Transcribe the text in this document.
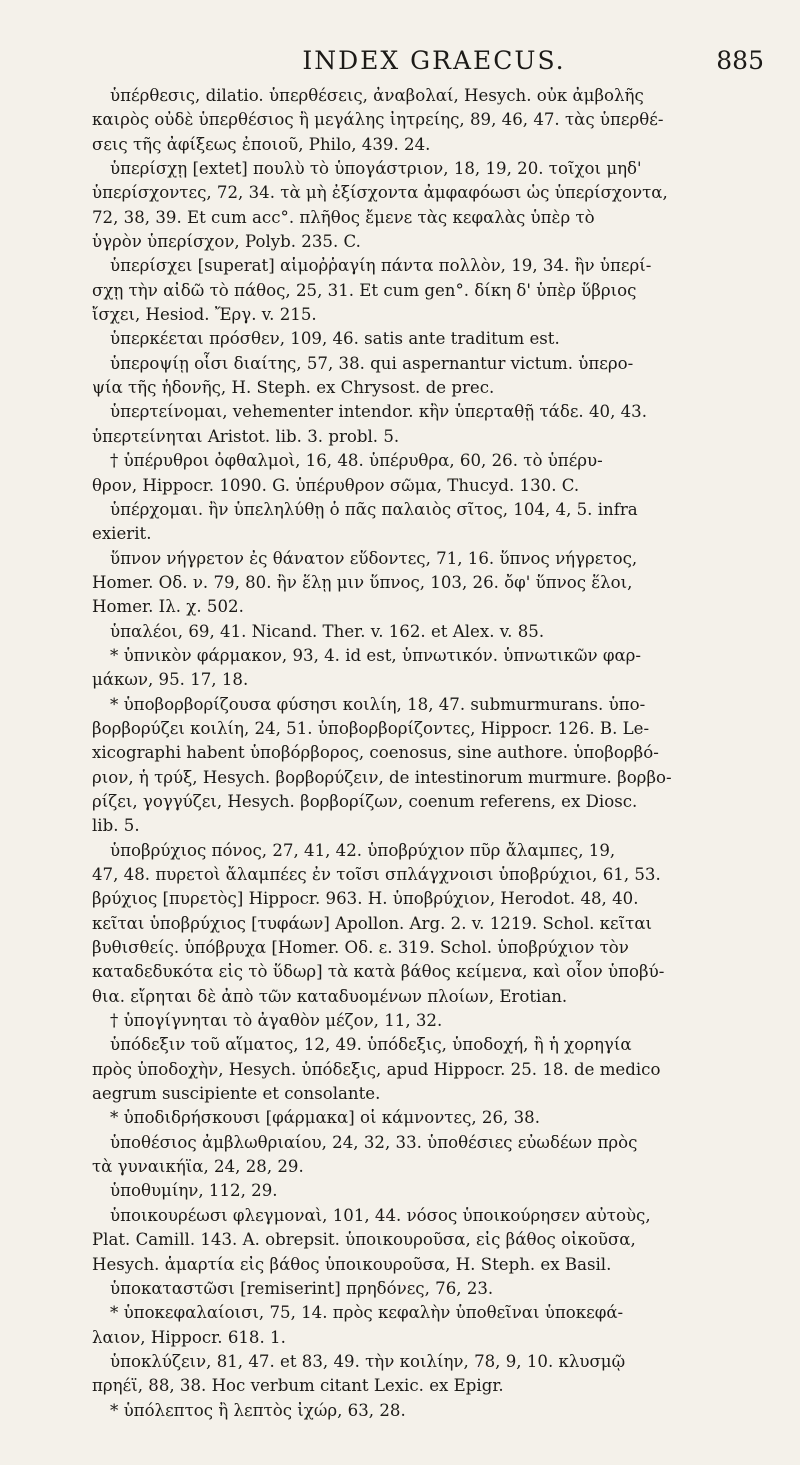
INDEX GRAECUS.	885
ὑπέρθεσις, dilatio. ὑπερθέσεις, ἀναβολαί, Hesych. οὐκ ἀμβολῆς
καιρὸς οὐδὲ ὑπερθέσιος ἢ μεγάλης ἰητρείης, 89, 46, 47. τὰς ὑπερθέ-
σεις τῆς ἀφίξεως ἐποιοῦ, Philo, 439. 24.
ὑπερίσχῃ [extet] πουλὺ τὸ ὑπογάστριον, 18, 19, 20. τοῖχοι μηδ'
ὑπερίσχοντες, 72, 34. τὰ μὴ ἐξίσχοντα ἀμφαφόωσι ὡς ὑπερίσχοντα,
72, 38, 39. Et cum acc°. πλῆθος ἔμενε τὰς κεφαλὰς ὑπὲρ τὸ
ὑγρὸν ὑπερίσχον, Polyb. 235. C.
ὑπερίσχει [superat] αἱμοῤῥαγίη πάντα πολλὸν, 19, 34. ἢν ὑπερί-
σχῃ τὴν αἰδῶ τὸ πάθος, 25, 31. Et cum gen°. δίκη δ' ὑπὲρ ὕβριος
ἴσχει, Hesiod. Ἔργ. v. 215.
ὑπερκέεται πρόσθεν, 109, 46. satis ante traditum est.
ὑπεροψίῃ οἷσι διαίτης, 57, 38. qui aspernantur victum. ὑπερο-
ψία τῆς ἡδονῆς, H. Steph. ex Chrysost. de prec.
ὑπερτείνομαι, vehementer intendor. κἢν ὑπερταθῇ τάδε. 40, 43.
ὑπερτείνηται Aristot. lib. 3. probl. 5.
† ὑπέρυθροι ὀφθαλμοὶ, 16, 48. ὑπέρυθρα, 60, 26. τὸ ὑπέρυ-
θρον, Hippocr. 1090. G. ὑπέρυθρον σῶμα, Thucyd. 130. C.
ὑπέρχομαι. ἢν ὑπεληλύθῃ ὁ πᾶς παλαιὸς σῖτος, 104, 4, 5. infra
exierit.
ὕπνον νήγρετον ἐς θάνατον εὕδοντες, 71, 16. ὕπνος νήγρετος,
Homer. Οδ. ν. 79, 80. ἢν ἕλῃ μιν ὕπνος, 103, 26. ὄφ' ὕπνος ἕλοι,
Homer. Ιλ. χ. 502.
ὑπαλέοι, 69, 41. Nicand. Ther. v. 162. et Alex. v. 85.
* ὑπνικὸν φάρμακον, 93, 4. id est, ὑπνωτικόν. ὑπνωτικῶν φαρ-
μάκων, 95. 17, 18.
* ὑποβορβορίζουσα φύσησι κοιλίη, 18, 47. submurmurans. ὑπο-
βορβορύζει κοιλίη, 24, 51. ὑποβορβορίζοντες, Hippocr. 126. B. Le-
xicographi habent ὑποβόρβορος, coenosus, sine authore. ὑποβορβό-
ριον, ἡ τρύξ, Hesych. βορβορύζειν, de intestinorum murmure. βορβο-
ρίζει, γογγύζει, Hesych. βορβορίζων, coenum referens, ex Diosc.
lib. 5.
ὑποβρύχιος πόνος, 27, 41, 42. ὑποβρύχιον πῦρ ἄλαμπες, 19,
47, 48. πυρετοὶ ἄλαμπέες ἐν τοῖσι σπλάγχνοισι ὑποβρύχιοι, 61, 53.
βρύχιος [πυρετὸς] Hippocr. 963. H. ὑποβρύχιον, Herodot. 48, 40.
κεῖται ὑποβρύχιος [τυφάων] Apollon. Arg. 2. v. 1219. Schol. κεῖται
βυθισθείς. ὑπόβρυχα [Homer. Οδ. ε. 319. Schol. ὑποβρύχιον τὸν
καταδεδυκότα εἰς τὸ ὕδωρ] τὰ κατὰ βάθος κείμενα, καὶ οἷον ὑποβύ-
θια. εἴρηται δὲ ἀπὸ τῶν καταδυομένων πλοίων, Erotian.
† ὑπογίγνηται τὸ ἀγαθὸν μέζον, 11, 32.
ὑπόδεξιν τοῦ αἵματος, 12, 49. ὑπόδεξις, ὑποδοχή, ἢ ἡ χορηγία
πρὸς ὑποδοχὴν, Hesych. ὑπόδεξις, apud Hippocr. 25. 18. de medico
aegrum suscipiente et consolante.
* ὑποδιδρήσκουσι [φάρμακα] οἱ κάμνοντες, 26, 38.
ὑποθέσιος ἀμβλωθριαίου, 24, 32, 33. ὑποθέσιες εὐωδέων πρὸς
τὰ γυναικήϊα, 24, 28, 29.
ὑποθυμίην, 112, 29.
ὑποικουρέωσι φλεγμοναὶ, 101, 44. νόσος ὑποικούρησεν αὐτοὺς,
Plat. Camill. 143. A. obrepsit. ὑποικουροῦσα, εἰς βάθος οἰκοῦσα,
Hesych. ἁμαρτία εἰς βάθος ὑποικουροῦσα, H. Steph. ex Basil.
ὑποκαταστῶσι [remiserint] πρηδόνες, 76, 23.
* ὑποκεφαλαίοισι, 75, 14. πρὸς κεφαλὴν ὑποθεῖναι ὑποκεφά-
λαιον, Hippocr. 618. 1.
ὑποκλύζειν, 81, 47. et 83, 49. τὴν κοιλίην, 78, 9, 10. κλυσμῷ
πρηέϊ, 88, 38. Hoc verbum citant Lexic. ex Epigr.
* ὑπόλεπτος ἢ λεπτὸς ἰχώρ, 63, 28.
